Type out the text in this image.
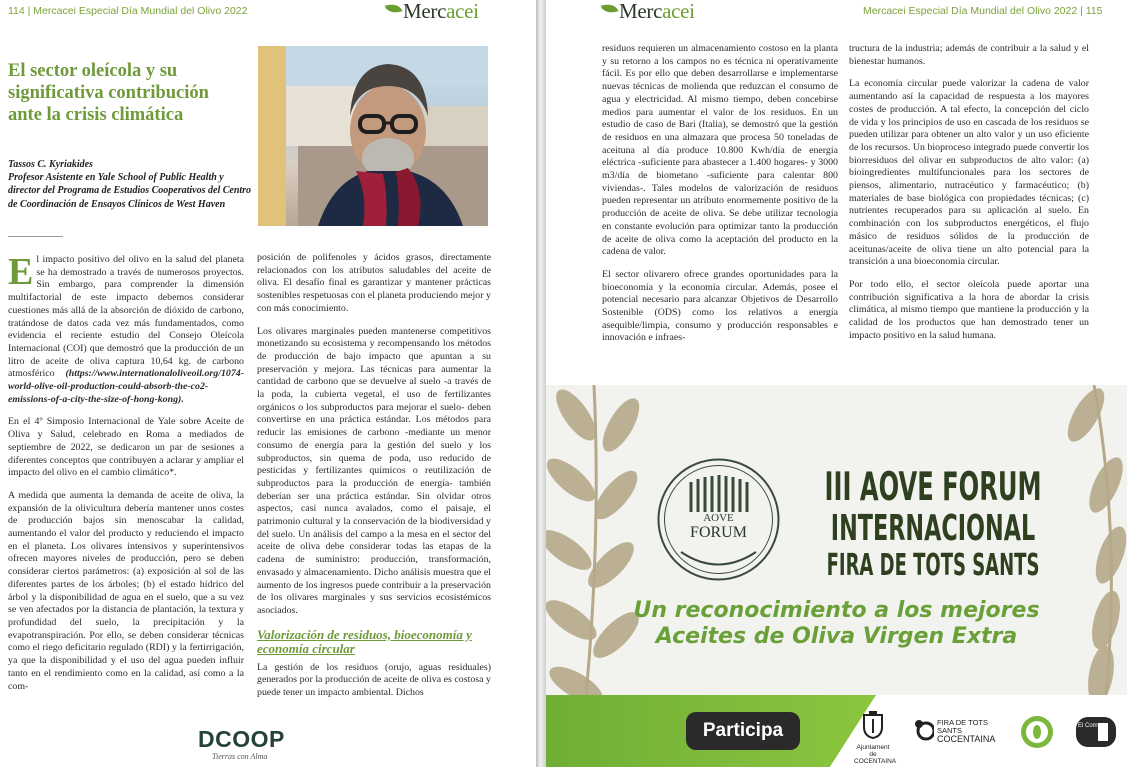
114 | Mercacei Especial Día Mundial del Olivo 2022	Mercacei
El sector oleícola y su significativa contribución ante la crisis climática
Tassos C. Kyriakides
Profesor Asistente en Yale School of Public Health y director del Programa de Estudios Cooperativos del Centro de Coordinación de Ensayos Clínicos de West Haven

El impacto positivo del olivo en la salud del planeta se ha demostrado a través de numerosos proyectos. Sin embargo, para comprender la dimensión multifactorial de este impacto debemos considerar cuestiones más allá de la absorción de dióxido de carbono, tratándose de datos cada vez más fundamentados, como evidencia el reciente estudio del Consejo Oleícola Internacional (COI) que demostró que la producción de un litro de aceite de oliva captura 10,64 kg. de carbono atmosférico (https://www.internationaloliveoil.org/1074-world-olive-oil-production-could-absorb-the-co2-emissions-of-a-city-the-size-of-hong-kong).

En el 4º Simposio Internacional de Yale sobre Aceite de Oliva y Salud, celebrado en Roma a mediados de septiembre de 2022, se dedicaron un par de sesiones a diferentes conceptos que contribuyen a aclarar y ampliar el impacto del olivo en el cambio climático*.

A medida que aumenta la demanda de aceite de oliva, la expansión de la olivicultura debería mantener unos costes de producción bajos sin menoscabar la calidad, aumentando el valor del producto y reduciendo el impacto en el planeta. Los olivares intensivos y superintensivos ofrecen mayores niveles de producción, pero se deben considerar ciertos parámetros: (a) exposición al sol de las diferentes partes de los árboles; (b) el estado hídrico del árbol y la disponibilidad de agua en el suelo, que a su vez se ven afectados por la distancia de plantación, la textura y profundidad del suelo, la precipitación y la evapotranspiración. Por ello, se deben considerar técnicas como el riego deficitario regulado (RDI) y la fertirrigación, ya que la disponibilidad y el uso del agua pueden influir tanto en el rendimiento como en la calidad, así como a la com-

posición de polifenoles y ácidos grasos, directamente relacionados con los atributos saludables del aceite de oliva. El desafío final es garantizar y mantener prácticas sostenibles respetuosas con el planeta produciendo mejor y con más conocimiento.

Los olivares marginales pueden mantenerse competitivos monetizando su ecosistema y recompensando los métodos de producción de bajo impacto que apuntan a su preservación y mejora. Las técnicas para aumentar la cantidad de carbono que se devuelve al suelo -a través de la poda, la cubierta vegetal, el uso de fertilizantes orgánicos o los subproductos para mejorar el suelo- deben convertirse en una práctica estándar. Los métodos para reducir las emisiones de carbono -mediante un menor consumo de energía para la gestión del suelo y los subproductos, sin quema de poda, uso reducido de pesticidas y fertilizantes químicos o reutilización de subproductos para la producción de energía- también deberían ser una práctica estándar. Sin olvidar otros aspectos, casi nunca avalados, como el paisaje, el patrimonio cultural y la conservación de la biodiversidad y del suelo. Un análisis del campo a la mesa en el sector del aceite de oliva debe considerar todas las etapas de la cadena de suministro: producción, transformación, envasado y almacenamiento. Dicho análisis muestra que el aumento de los ingresos puede contribuir a la preservación de los olivares marginales y sus servicios ecosistémicos asociados.

Valorización de residuos, bioeconomía y economía circular

La gestión de los residuos (orujo, aguas residuales) generados por la producción de aceite de oliva es costosa y puede tener un impacto ambiental. Dichos

DCOOP
Tierras con Alma
Mercacei	Mercacei Especial Día Mundial del Olivo 2022 | 115

residuos requieren un almacenamiento costoso en la planta y su retorno a los campos no es técnica ni operativamente fácil. Es por ello que deben desarrollarse e implementarse nuevas técnicas de molienda que reduzcan el consumo de agua y electricidad. Al mismo tiempo, deben concebirse medios para aumentar el valor de los residuos. En un estudio de caso de Bari (Italia), se demostró que la gestión de residuos en una almazara que procesa 50 toneladas de aceituna al día produce 10.800 Kwh/día de energía eléctrica -suficiente para abastecer a 1.400 hogares- y 3000 m3/día de biometano -suficiente para calentar 800 viviendas-. Tales modelos de valorización de residuos pueden representar un atributo enormemente positivo de la producción de aceite de oliva. Se debe utilizar tecnología en constante evolución para optimizar tanto la producción de aceite de oliva como la aceptación del producto en la cadena de valor.

El sector olivarero ofrece grandes oportunidades para la bioeconomía y la economía circular. Además, posee el potencial necesario para alcanzar Objetivos de Desarrollo Sostenible (ODS) como los relativos a energía asequible/limpia, consumo y producción responsables e innovación e infraes-

tructura de la industria; además de contribuir a la salud y el bienestar humanos.

La economía circular puede valorizar la cadena de valor aumentando así la capacidad de respuesta a los mayores costes de producción. A tal efecto, la concepción del ciclo de vida y los principios de uso en cascada de los residuos se pueden utilizar para obtener un alto valor y un uso eficiente de los recursos. Un bioproceso integrado puede convertir los biorresiduos del olivar en subproductos de alto valor: (a) bioingredientes multifuncionales para los sectores de piensos, alimentario, nutracéutico y farmacéutico; (b) materiales de base biológica con propiedades técnicas; (c) nutrientes recuperados para su aplicación al suelo. En combinación con los subproductos energéticos, el flujo másico de residuos sólidos de la producción de aceitunas/aceite de oliva tiene un alto potencial para la transición a una bioeconomía circular.

Por todo ello, el sector oleícola puede aportar una contribución significativa a la hora de abordar la crisis climática, al mismo tiempo que mantiene la producción y la calidad de los productos que han demostrado tener un impacto positivo en la salud humana.

AOVE
FORUM
III AOVE FORUM
INTERNACIONAL
FIRA DE TOTS SANTS
Un reconocimiento a los mejores
Aceites de Oliva Virgen Extra
Participa
Ajuntament de COCENTAINA
FIRA DE TOTS SANTS
COCENTAINA
El Comtat
